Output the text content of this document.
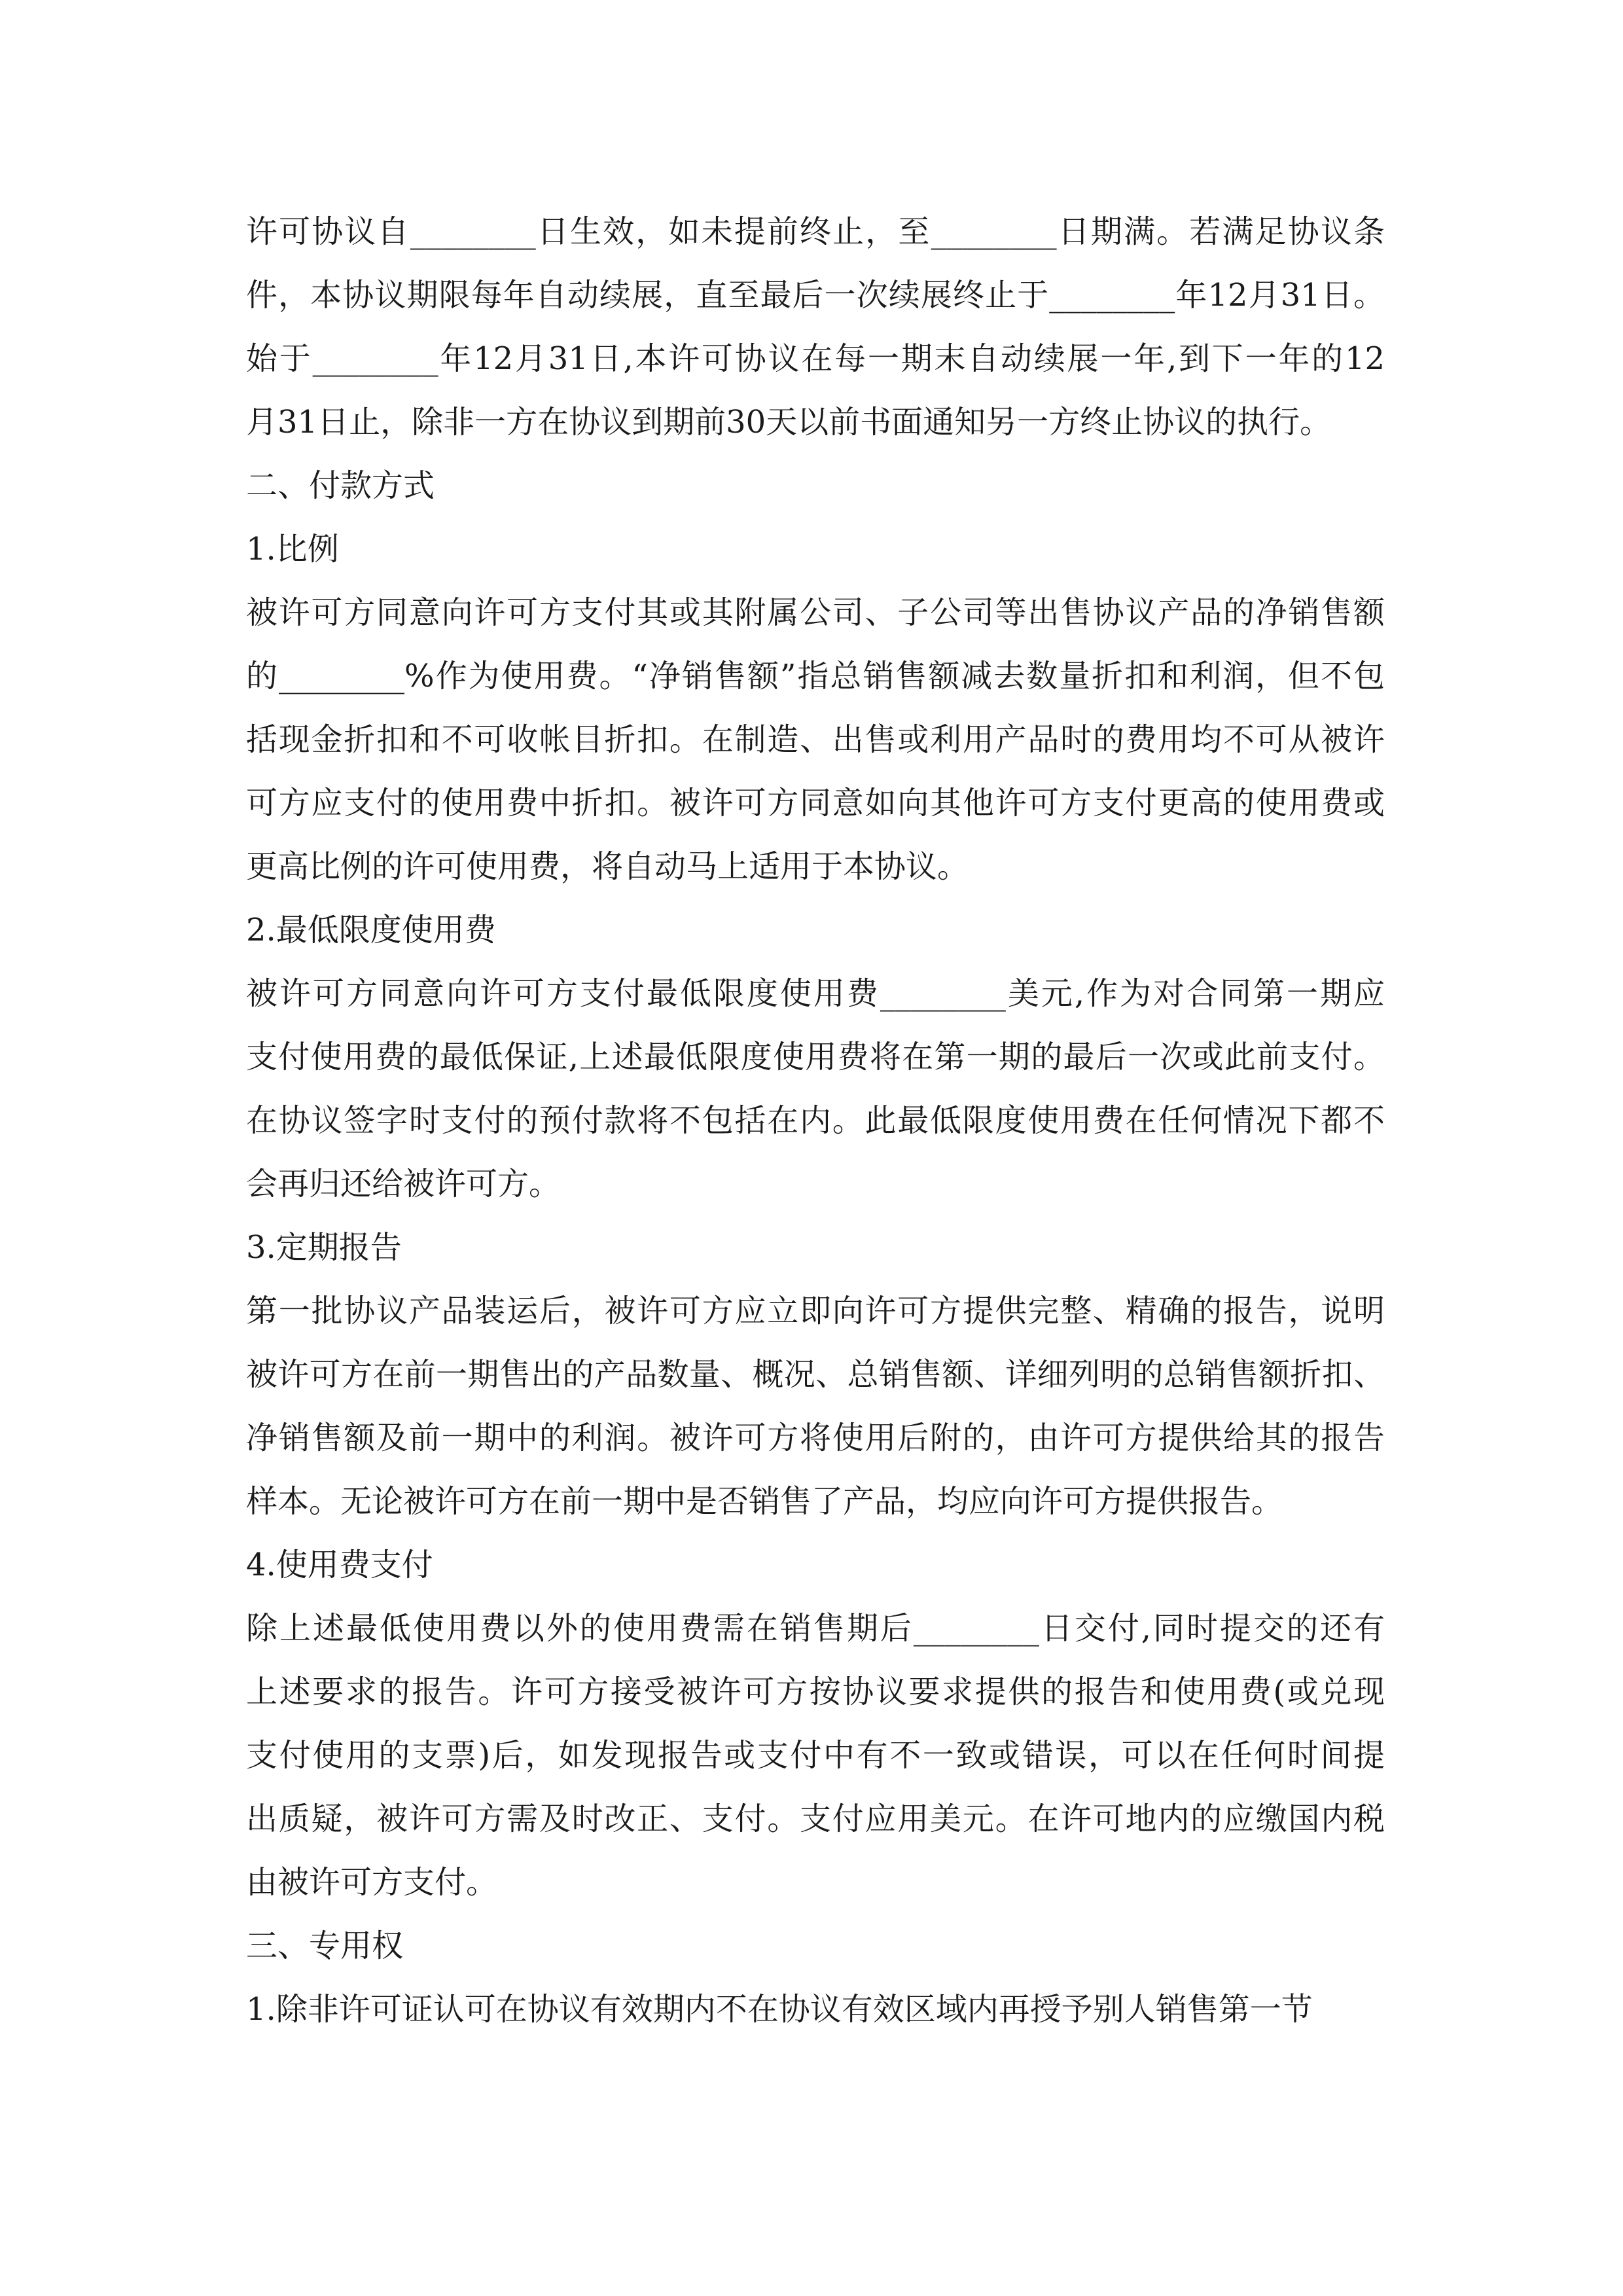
许可协议自________日生效，如未提前终止，至________日期满。若满足协议条
件，本协议期限每年自动续展，直至最后一次续展终止于________年12月31日。
始于________年12月31日,本许可协议在每一期末自动续展一年,到下一年的12
月31日止，除非一方在协议到期前30天以前书面通知另一方终止协议的执行。
二、付款方式
1.比例
被许可方同意向许可方支付其或其附属公司、子公司等出售协议产品的净销售额
的________%作为使用费。“净销售额”指总销售额减去数量折扣和利润，但不包
括现金折扣和不可收帐目折扣。在制造、出售或利用产品时的费用均不可从被许
可方应支付的使用费中折扣。被许可方同意如向其他许可方支付更高的使用费或
更高比例的许可使用费，将自动马上适用于本协议。
2.最低限度使用费
被许可方同意向许可方支付最低限度使用费________美元,作为对合同第一期应
支付使用费的最低保证,上述最低限度使用费将在第一期的最后一次或此前支付。
在协议签字时支付的预付款将不包括在内。此最低限度使用费在任何情况下都不
会再归还给被许可方。
3.定期报告
第一批协议产品装运后，被许可方应立即向许可方提供完整、精确的报告，说明
被许可方在前一期售出的产品数量、概况、总销售额、详细列明的总销售额折扣、
净销售额及前一期中的利润。被许可方将使用后附的，由许可方提供给其的报告
样本。无论被许可方在前一期中是否销售了产品，均应向许可方提供报告。
4.使用费支付
除上述最低使用费以外的使用费需在销售期后________日交付,同时提交的还有
上述要求的报告。许可方接受被许可方按协议要求提供的报告和使用费(或兑现
支付使用的支票)后，如发现报告或支付中有不一致或错误，可以在任何时间提
出质疑，被许可方需及时改正、支付。支付应用美元。在许可地内的应缴国内税
由被许可方支付。
三、专用权
1.除非许可证认可在协议有效期内不在协议有效区域内再授予别人销售第一节
